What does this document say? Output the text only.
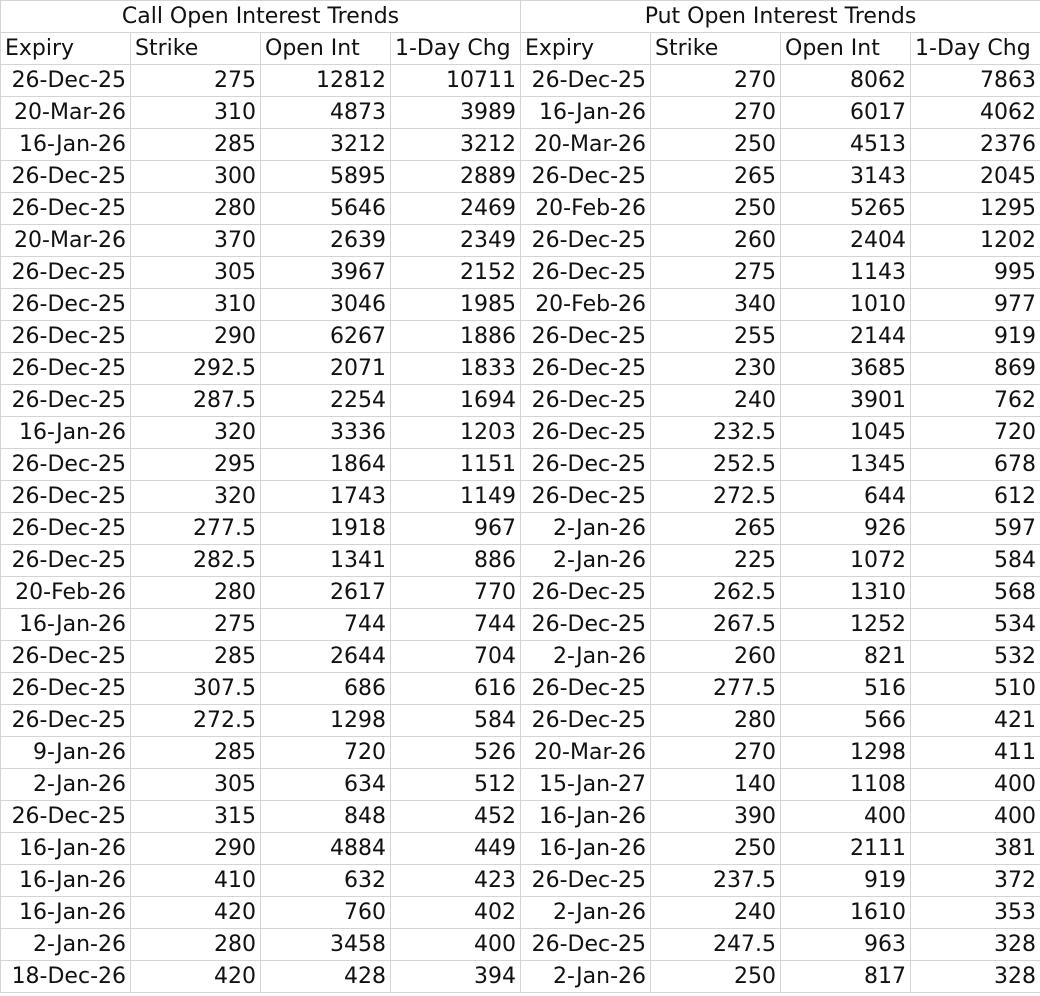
Call Open Interest Trends				Put Open Interest Trends			
Expiry	Strike	Open Int	1-Day Chg	Expiry	Strike	Open Int	1-Day Chg
26-Dec-25	275	12812	10711	26-Dec-25	270	8062	7863
20-Mar-26	310	4873	3989	16-Jan-26	270	6017	4062
16-Jan-26	285	3212	3212	20-Mar-26	250	4513	2376
26-Dec-25	300	5895	2889	26-Dec-25	265	3143	2045
26-Dec-25	280	5646	2469	20-Feb-26	250	5265	1295
20-Mar-26	370	2639	2349	26-Dec-25	260	2404	1202
26-Dec-25	305	3967	2152	26-Dec-25	275	1143	995
26-Dec-25	310	3046	1985	20-Feb-26	340	1010	977
26-Dec-25	290	6267	1886	26-Dec-25	255	2144	919
26-Dec-25	292.5	2071	1833	26-Dec-25	230	3685	869
26-Dec-25	287.5	2254	1694	26-Dec-25	240	3901	762
16-Jan-26	320	3336	1203	26-Dec-25	232.5	1045	720
26-Dec-25	295	1864	1151	26-Dec-25	252.5	1345	678
26-Dec-25	320	1743	1149	26-Dec-25	272.5	644	612
26-Dec-25	277.5	1918	967	2-Jan-26	265	926	597
26-Dec-25	282.5	1341	886	2-Jan-26	225	1072	584
20-Feb-26	280	2617	770	26-Dec-25	262.5	1310	568
16-Jan-26	275	744	744	26-Dec-25	267.5	1252	534
26-Dec-25	285	2644	704	2-Jan-26	260	821	532
26-Dec-25	307.5	686	616	26-Dec-25	277.5	516	510
26-Dec-25	272.5	1298	584	26-Dec-25	280	566	421
9-Jan-26	285	720	526	20-Mar-26	270	1298	411
2-Jan-26	305	634	512	15-Jan-27	140	1108	400
26-Dec-25	315	848	452	16-Jan-26	390	400	400
16-Jan-26	290	4884	449	16-Jan-26	250	2111	381
16-Jan-26	410	632	423	26-Dec-25	237.5	919	372
16-Jan-26	420	760	402	2-Jan-26	240	1610	353
2-Jan-26	280	3458	400	26-Dec-25	247.5	963	328
18-Dec-26	420	428	394	2-Jan-26	250	817	328
